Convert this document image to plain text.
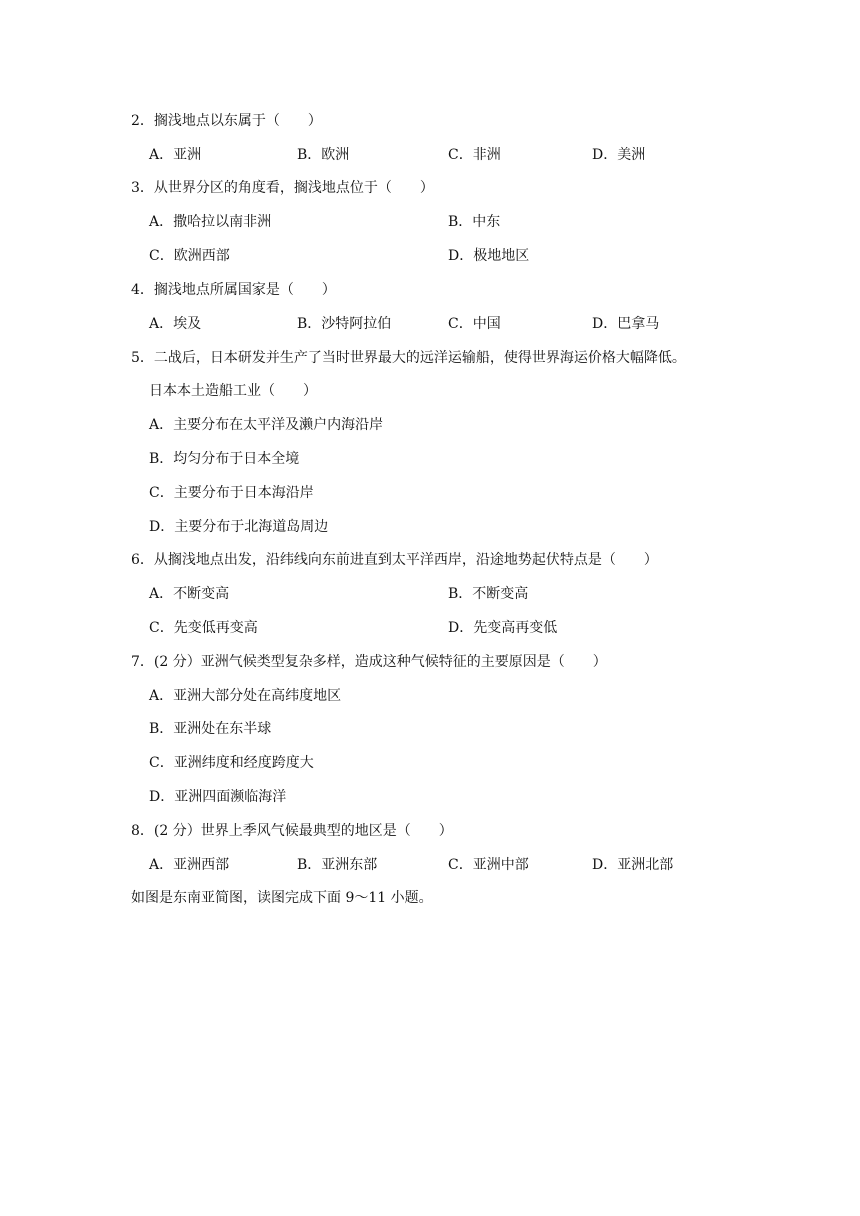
2．搁浅地点以东属于（　　）
A．亚洲	B．欧洲	C．非洲	D．美洲
3．从世界分区的角度看，搁浅地点位于（　　）
A．撒哈拉以南非洲	B．中东
C．欧洲西部	D．极地地区
4．搁浅地点所属国家是（　　）
A．埃及	B．沙特阿拉伯	C．中国	D．巴拿马
5．二战后，日本研发并生产了当时世界最大的远洋运输船，使得世界海运价格大幅降低。
日本本土造船工业（　　）
A．主要分布在太平洋及濑户内海沿岸
B．均匀分布于日本全境
C．主要分布于日本海沿岸
D．主要分布于北海道岛周边
6．从搁浅地点出发，沿纬线向东前进直到太平洋西岸，沿途地势起伏特点是（　　）
A．不断变高	B．不断变高
C．先变低再变高	D．先变高再变低
7．(2 分）亚洲气候类型复杂多样，造成这种气候特征的主要原因是（　　）
A．亚洲大部分处在高纬度地区
B．亚洲处在东半球
C．亚洲纬度和经度跨度大
D．亚洲四面濒临海洋
8．(2 分）世界上季风气候最典型的地区是（　　）
A．亚洲西部	B．亚洲东部	C．亚洲中部	D．亚洲北部
如图是东南亚简图，读图完成下面 9～11 小题。
